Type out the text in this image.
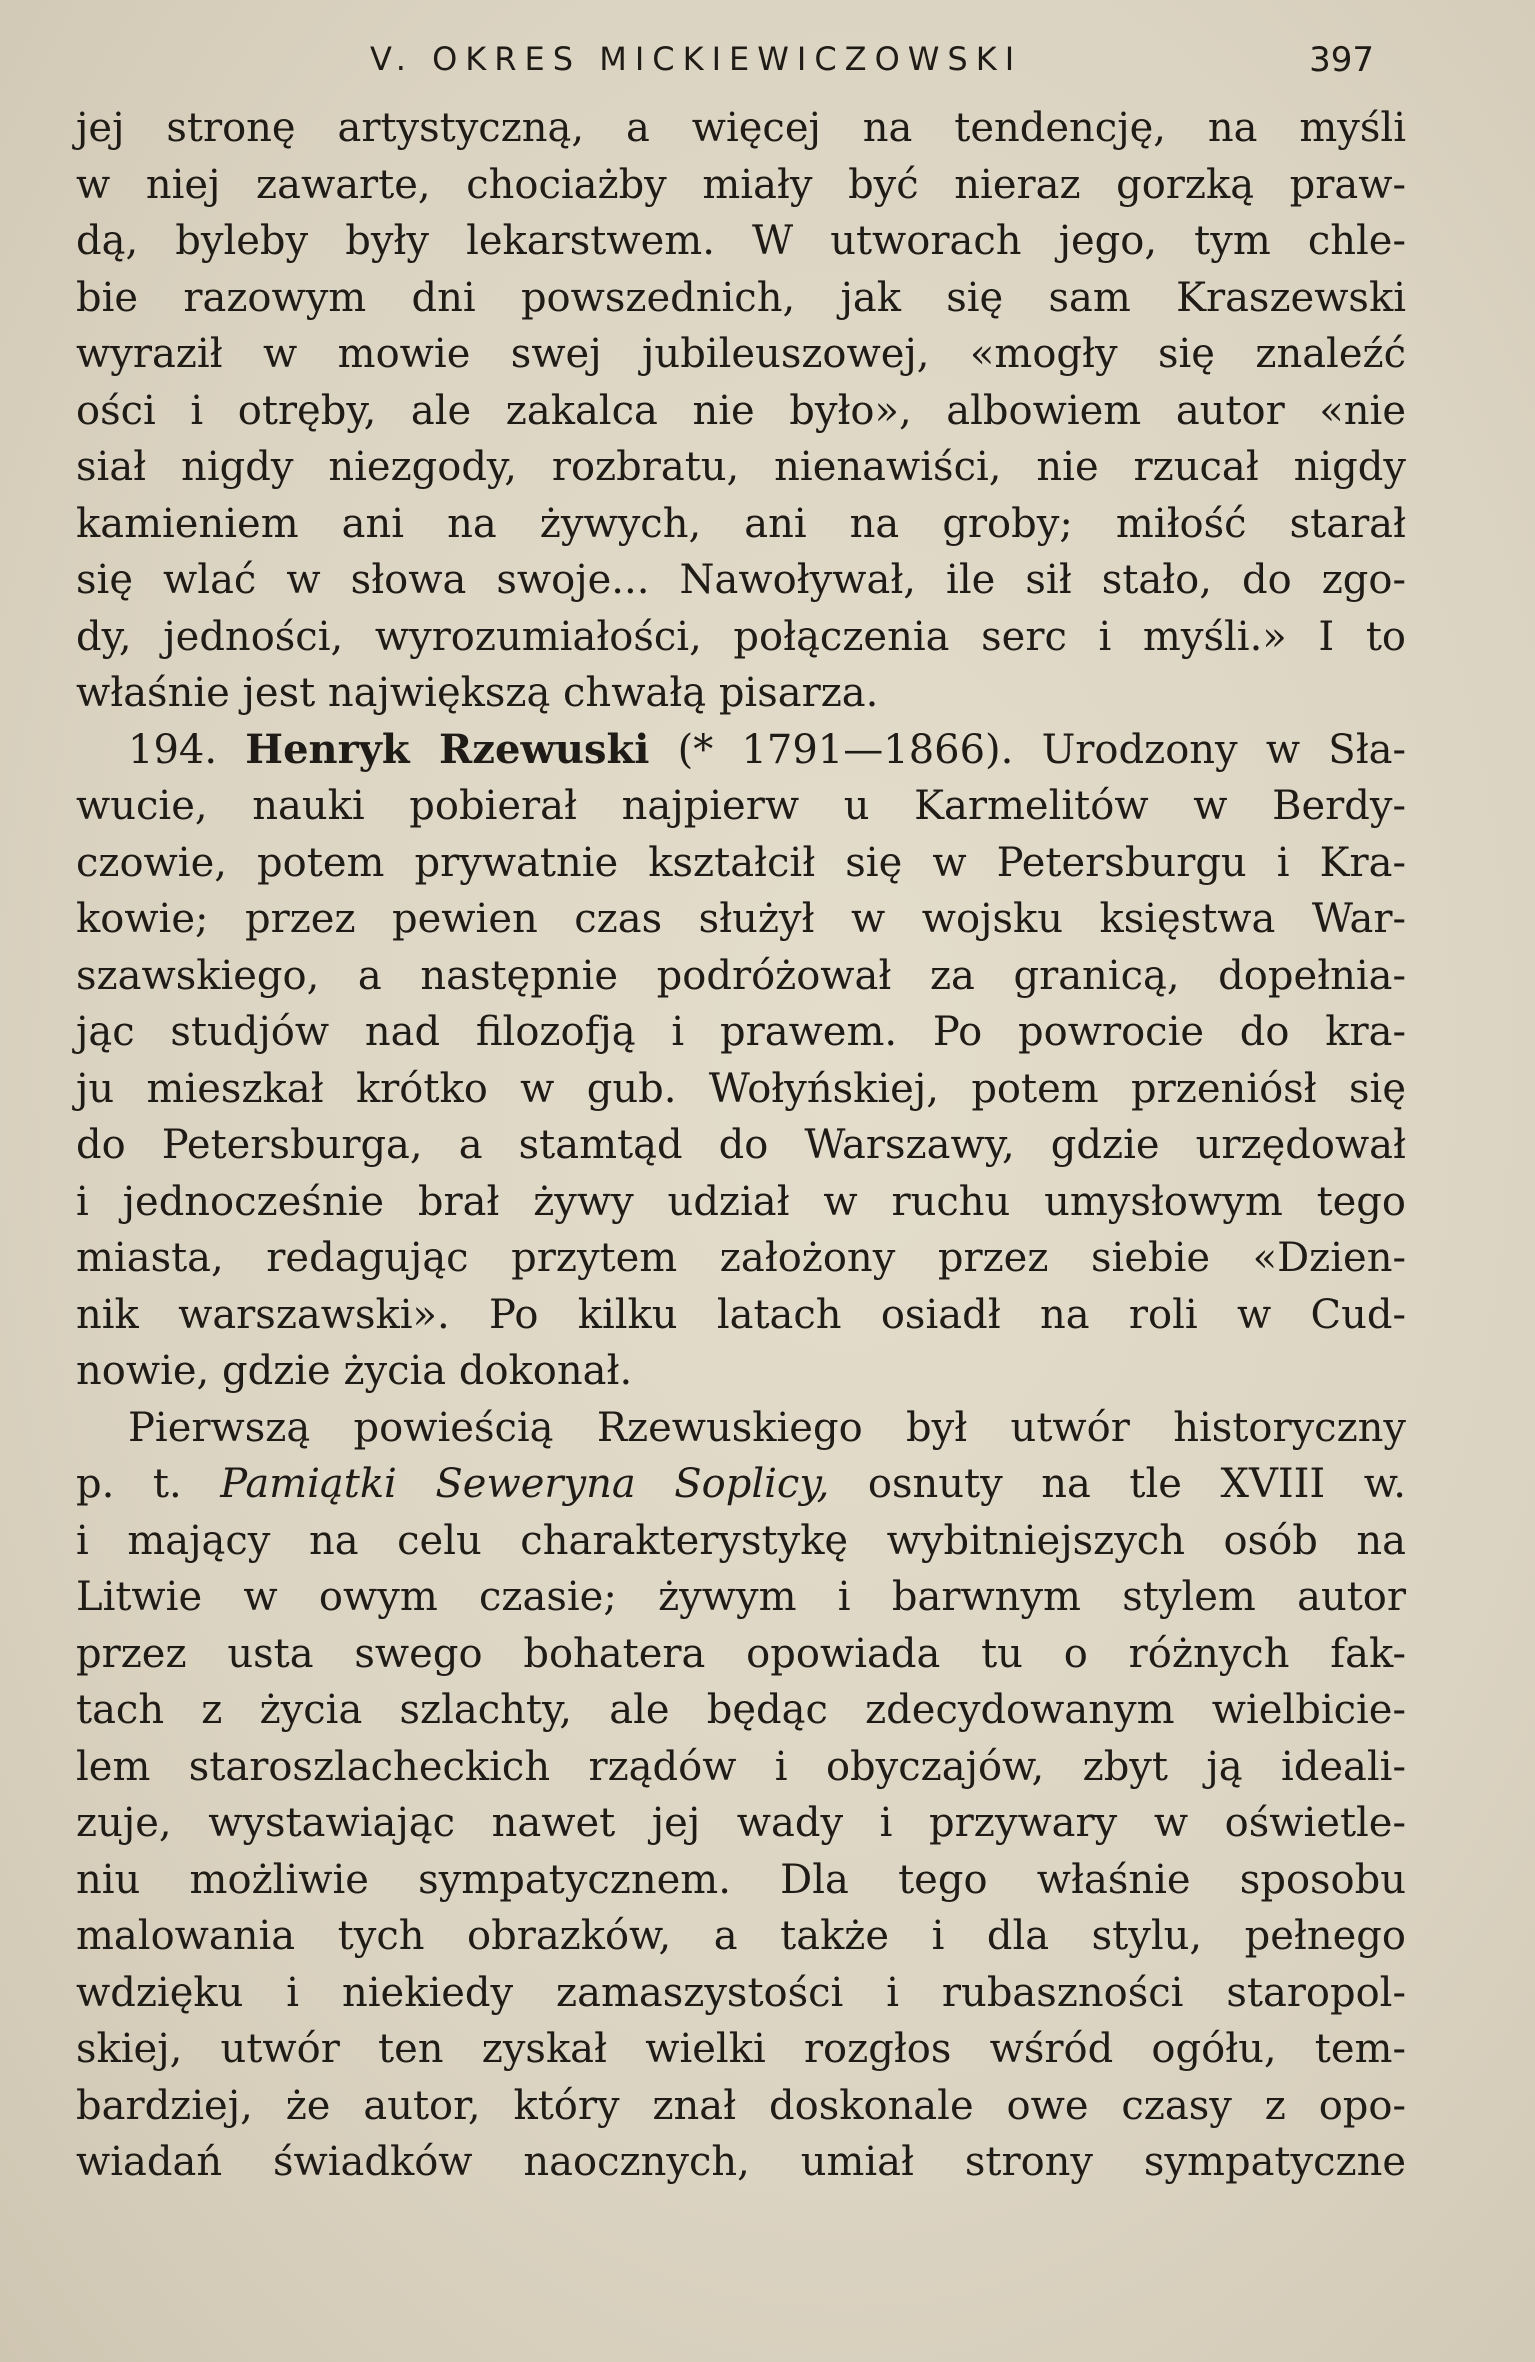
V. OKRES MICKIEWICZOWSKI	397
jej stronę artystyczną, a więcej na tendencję, na myśli
w niej zawarte, chociażby miały być nieraz gorzką praw-
dą, byleby były lekarstwem. W utworach jego, tym chle-
bie razowym dni powszednich, jak się sam Kraszewski
wyraził w mowie swej jubileuszowej, «mogły się znaleźć
ości i otręby, ale zakalca nie było», albowiem autor «nie
siał nigdy niezgody, rozbratu, nienawiści, nie rzucał nigdy
kamieniem ani na żywych, ani na groby; miłość starał
się wlać w słowa swoje... Nawoływał, ile sił stało, do zgo-
dy, jedności, wyrozumiałości, połączenia serc i myśli.» I to
właśnie jest największą chwałą pisarza.
194. Henryk Rzewuski (* 1791—1866). Urodzony w Sła-
wucie, nauki pobierał najpierw u Karmelitów w Berdy-
czowie, potem prywatnie kształcił się w Petersburgu i Kra-
kowie; przez pewien czas służył w wojsku księstwa War-
szawskiego, a następnie podróżował za granicą, dopełnia-
jąc studjów nad filozofją i prawem. Po powrocie do kra-
ju mieszkał krótko w gub. Wołyńskiej, potem przeniósł się
do Petersburga, a stamtąd do Warszawy, gdzie urzędował
i jednocześnie brał żywy udział w ruchu umysłowym tego
miasta, redagując przytem założony przez siebie «Dzien-
nik warszawski». Po kilku latach osiadł na roli w Cud-
nowie, gdzie życia dokonał.
Pierwszą powieścią Rzewuskiego był utwór historyczny
p. t. Pamiątki Seweryna Soplicy, osnuty na tle XVIII w.
i mający na celu charakterystykę wybitniejszych osób na
Litwie w owym czasie; żywym i barwnym stylem autor
przez usta swego bohatera opowiada tu o różnych fak-
tach z życia szlachty, ale będąc zdecydowanym wielbicie-
lem staroszlacheckich rządów i obyczajów, zbyt ją ideali-
zuje, wystawiając nawet jej wady i przywary w oświetle-
niu możliwie sympatycznem. Dla tego właśnie sposobu
malowania tych obrazków, a także i dla stylu, pełnego
wdzięku i niekiedy zamaszystości i rubaszności staropol-
skiej, utwór ten zyskał wielki rozgłos wśród ogółu, tem-
bardziej, że autor, który znał doskonale owe czasy z opo-
wiadań świadków naocznych, umiał strony sympatyczne
